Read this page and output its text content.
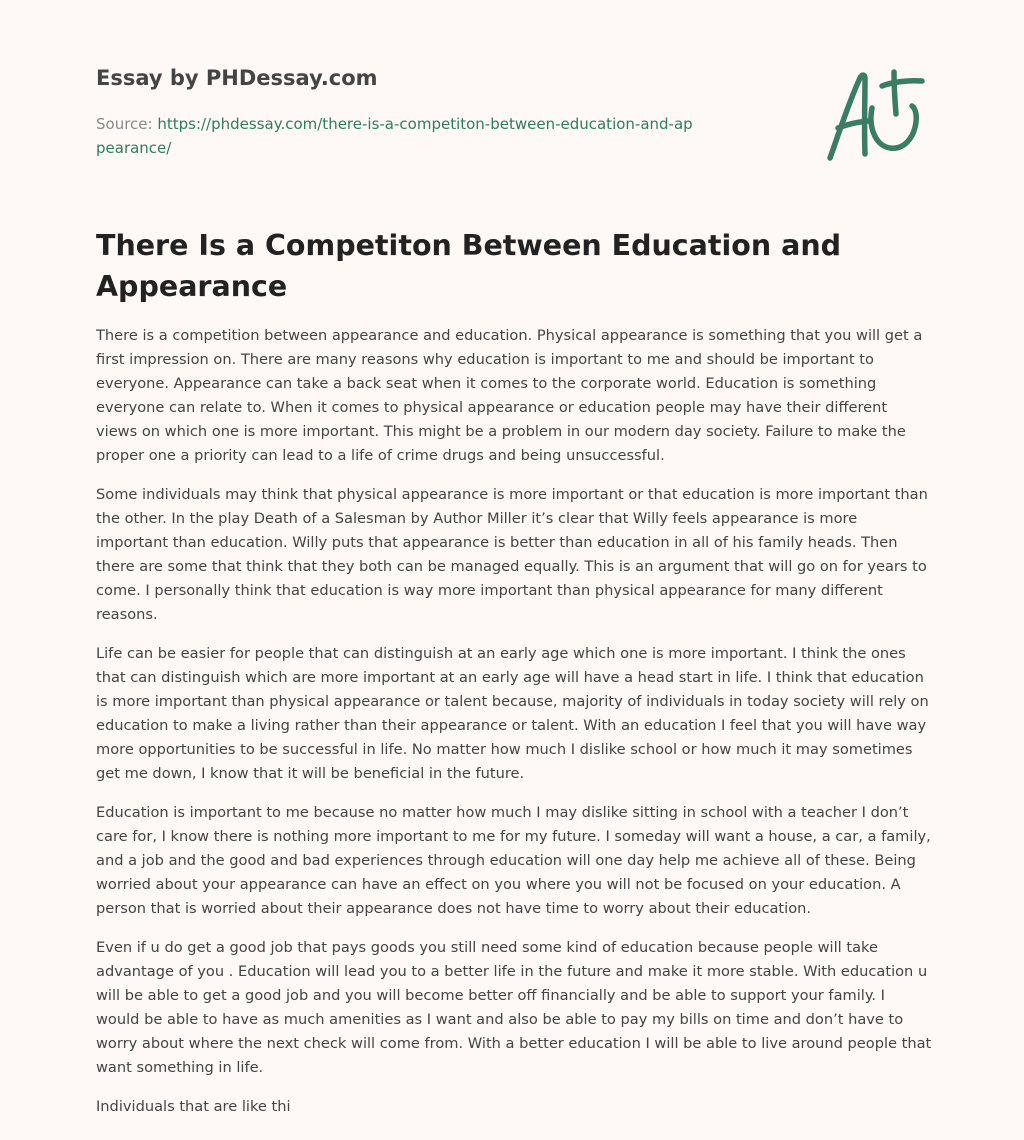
Essay by PHDessay.com
Source: https://phdessay.com/there-is-a-competiton-between-education-and-appearance/
There Is a Competiton Between Education and Appearance

There is a competition between appearance and education. Physical appearance is something that you will get a first impression on. There are many reasons why education is important to me and should be important to everyone. Appearance can take a back seat when it comes to the corporate world. Education is something everyone can relate to. When it comes to physical appearance or education people may have their different views on which one is more important. This might be a problem in our modern day society. Failure to make the proper one a priority can lead to a life of crime drugs and being unsuccessful.

Some individuals may think that physical appearance is more important or that education is more important than the other. In the play Death of a Salesman by Author Miller it’s clear that Willy feels appearance is more important than education. Willy puts that appearance is better than education in all of his family heads. Then there are some that think that they both can be managed equally. This is an argument that will go on for years to come. I personally think that education is way more important than physical appearance for many different reasons.

Life can be easier for people that can distinguish at an early age which one is more important. I think the ones that can distinguish which are more important at an early age will have a head start in life. I think that education is more important than physical appearance or talent because, majority of individuals in today society will rely on education to make a living rather than their appearance or talent. With an education I feel that you will have way more opportunities to be successful in life. No matter how much I dislike school or how much it may sometimes get me down, I know that it will be beneficial in the future.

Education is important to me because no matter how much I may dislike sitting in school with a teacher I don’t care for, I know there is nothing more important to me for my future. I someday will want a house, a car, a family, and a job and the good and bad experiences through education will one day help me achieve all of these. Being worried about your appearance can have an effect on you where you will not be focused on your education. A person that is worried about their appearance does not have time to worry about their education.

Even if u do get a good job that pays goods you still need some kind of education because people will take advantage of you . Education will lead you to a better life in the future and make it more stable. With education u will be able to get a good job and you will become better off financially and be able to support your family. I would be able to have as much amenities as I want and also be able to pay my bills on time and don’t have to worry about where the next check will come from. With a better education I will be able to live around people that want something in life.

Individuals that are like thi
